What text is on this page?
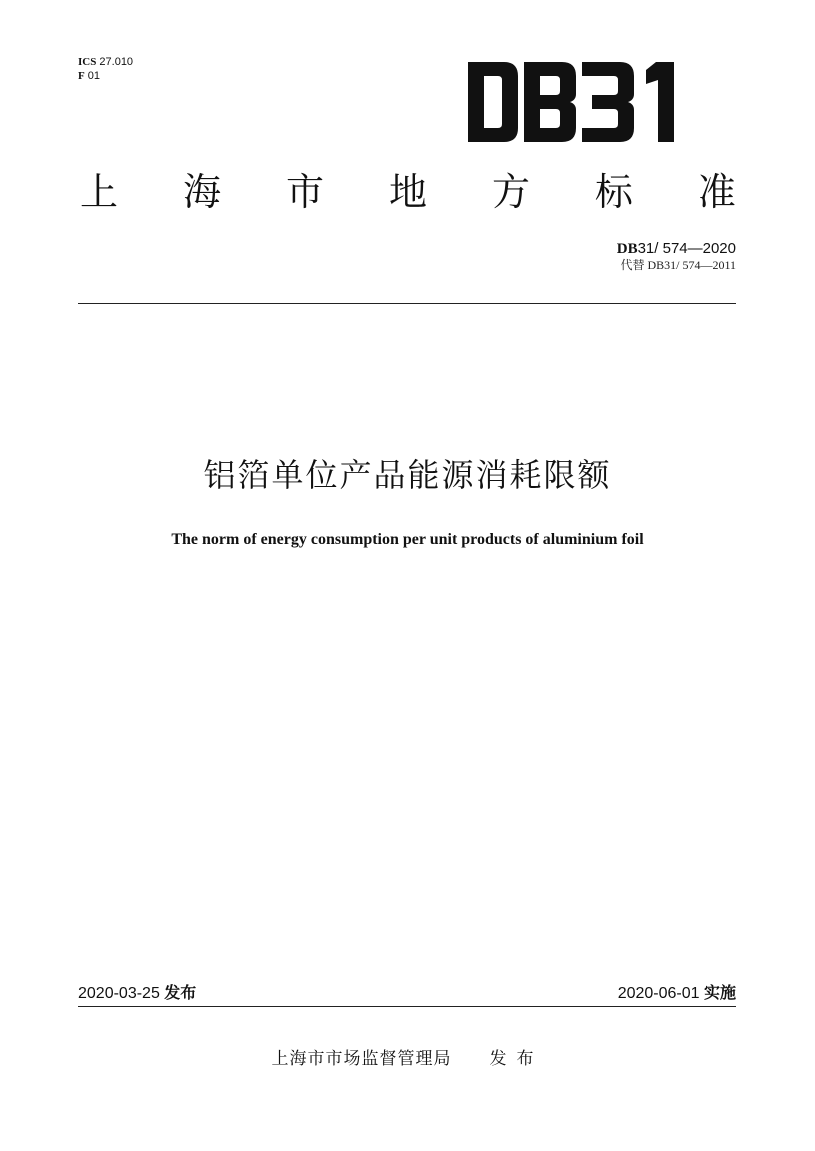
ICS 27.010
F 01
上 海 市 地 方 标 准
DB31/ 574—2020
代替 DB31/ 574—2011
铝箔单位产品能源消耗限额
The norm of energy consumption per unit products of aluminium foil
2020-03-25 发布	2020-06-01 实施
上海市市场监督管理局 发布
